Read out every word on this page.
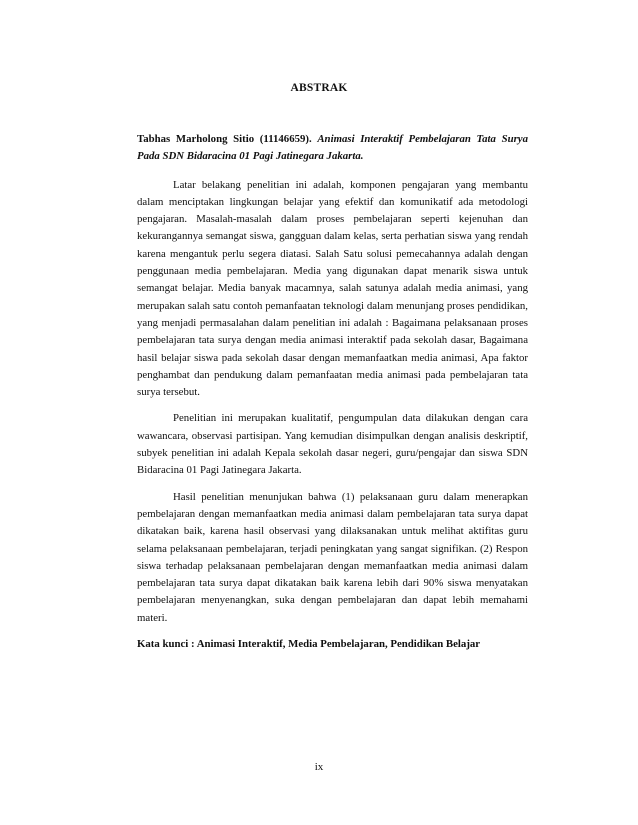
ABSTRAK

Tabhas Marholong Sitio (11146659). Animasi Interaktif Pembelajaran Tata Surya Pada SDN Bidaracina 01 Pagi Jatinegara Jakarta.

Latar belakang penelitian ini adalah, komponen pengajaran yang membantu dalam menciptakan lingkungan belajar yang efektif dan komunikatif ada metodologi pengajaran. Masalah-masalah dalam proses pembelajaran seperti kejenuhan dan kekurangannya semangat siswa, gangguan dalam kelas, serta perhatian siswa yang rendah karena mengantuk perlu segera diatasi. Salah Satu solusi pemecahannya adalah dengan penggunaan media pembelajaran. Media yang digunakan dapat menarik siswa untuk semangat belajar. Media banyak macamnya, salah satunya adalah media animasi, yang merupakan salah satu contoh pemanfaatan teknologi dalam menunjang proses pendidikan, yang menjadi permasalahan dalam penelitian ini adalah : Bagaimana pelaksanaan proses pembelajaran tata surya dengan media animasi interaktif pada sekolah dasar, Bagaimana hasil belajar siswa pada sekolah dasar dengan memanfaatkan media animasi, Apa faktor penghambat dan pendukung dalam pemanfaatan media animasi pada pembelajaran tata surya tersebut.

Penelitian ini merupakan kualitatif, pengumpulan data dilakukan dengan cara wawancara, observasi partisipan. Yang kemudian disimpulkan dengan analisis deskriptif, subyek penelitian ini adalah Kepala sekolah dasar negeri, guru/pengajar dan siswa SDN Bidaracina 01 Pagi Jatinegara Jakarta.

Hasil penelitian menunjukan bahwa (1) pelaksanaan guru dalam menerapkan pembelajaran dengan memanfaatkan media animasi dalam pembelajaran tata surya dapat dikatakan baik, karena hasil observasi yang dilaksanakan untuk melihat aktifitas guru selama pelaksanaan pembelajaran, terjadi peningkatan yang sangat signifikan. (2) Respon siswa terhadap pelaksanaan pembelajaran dengan memanfaatkan media animasi dalam pembelajaran tata surya dapat dikatakan baik karena lebih dari 90% siswa menyatakan pembelajaran menyenangkan, suka dengan pembelajaran dan dapat lebih memahami materi.

Kata kunci : Animasi Interaktif, Media Pembelajaran, Pendidikan Belajar

ix
